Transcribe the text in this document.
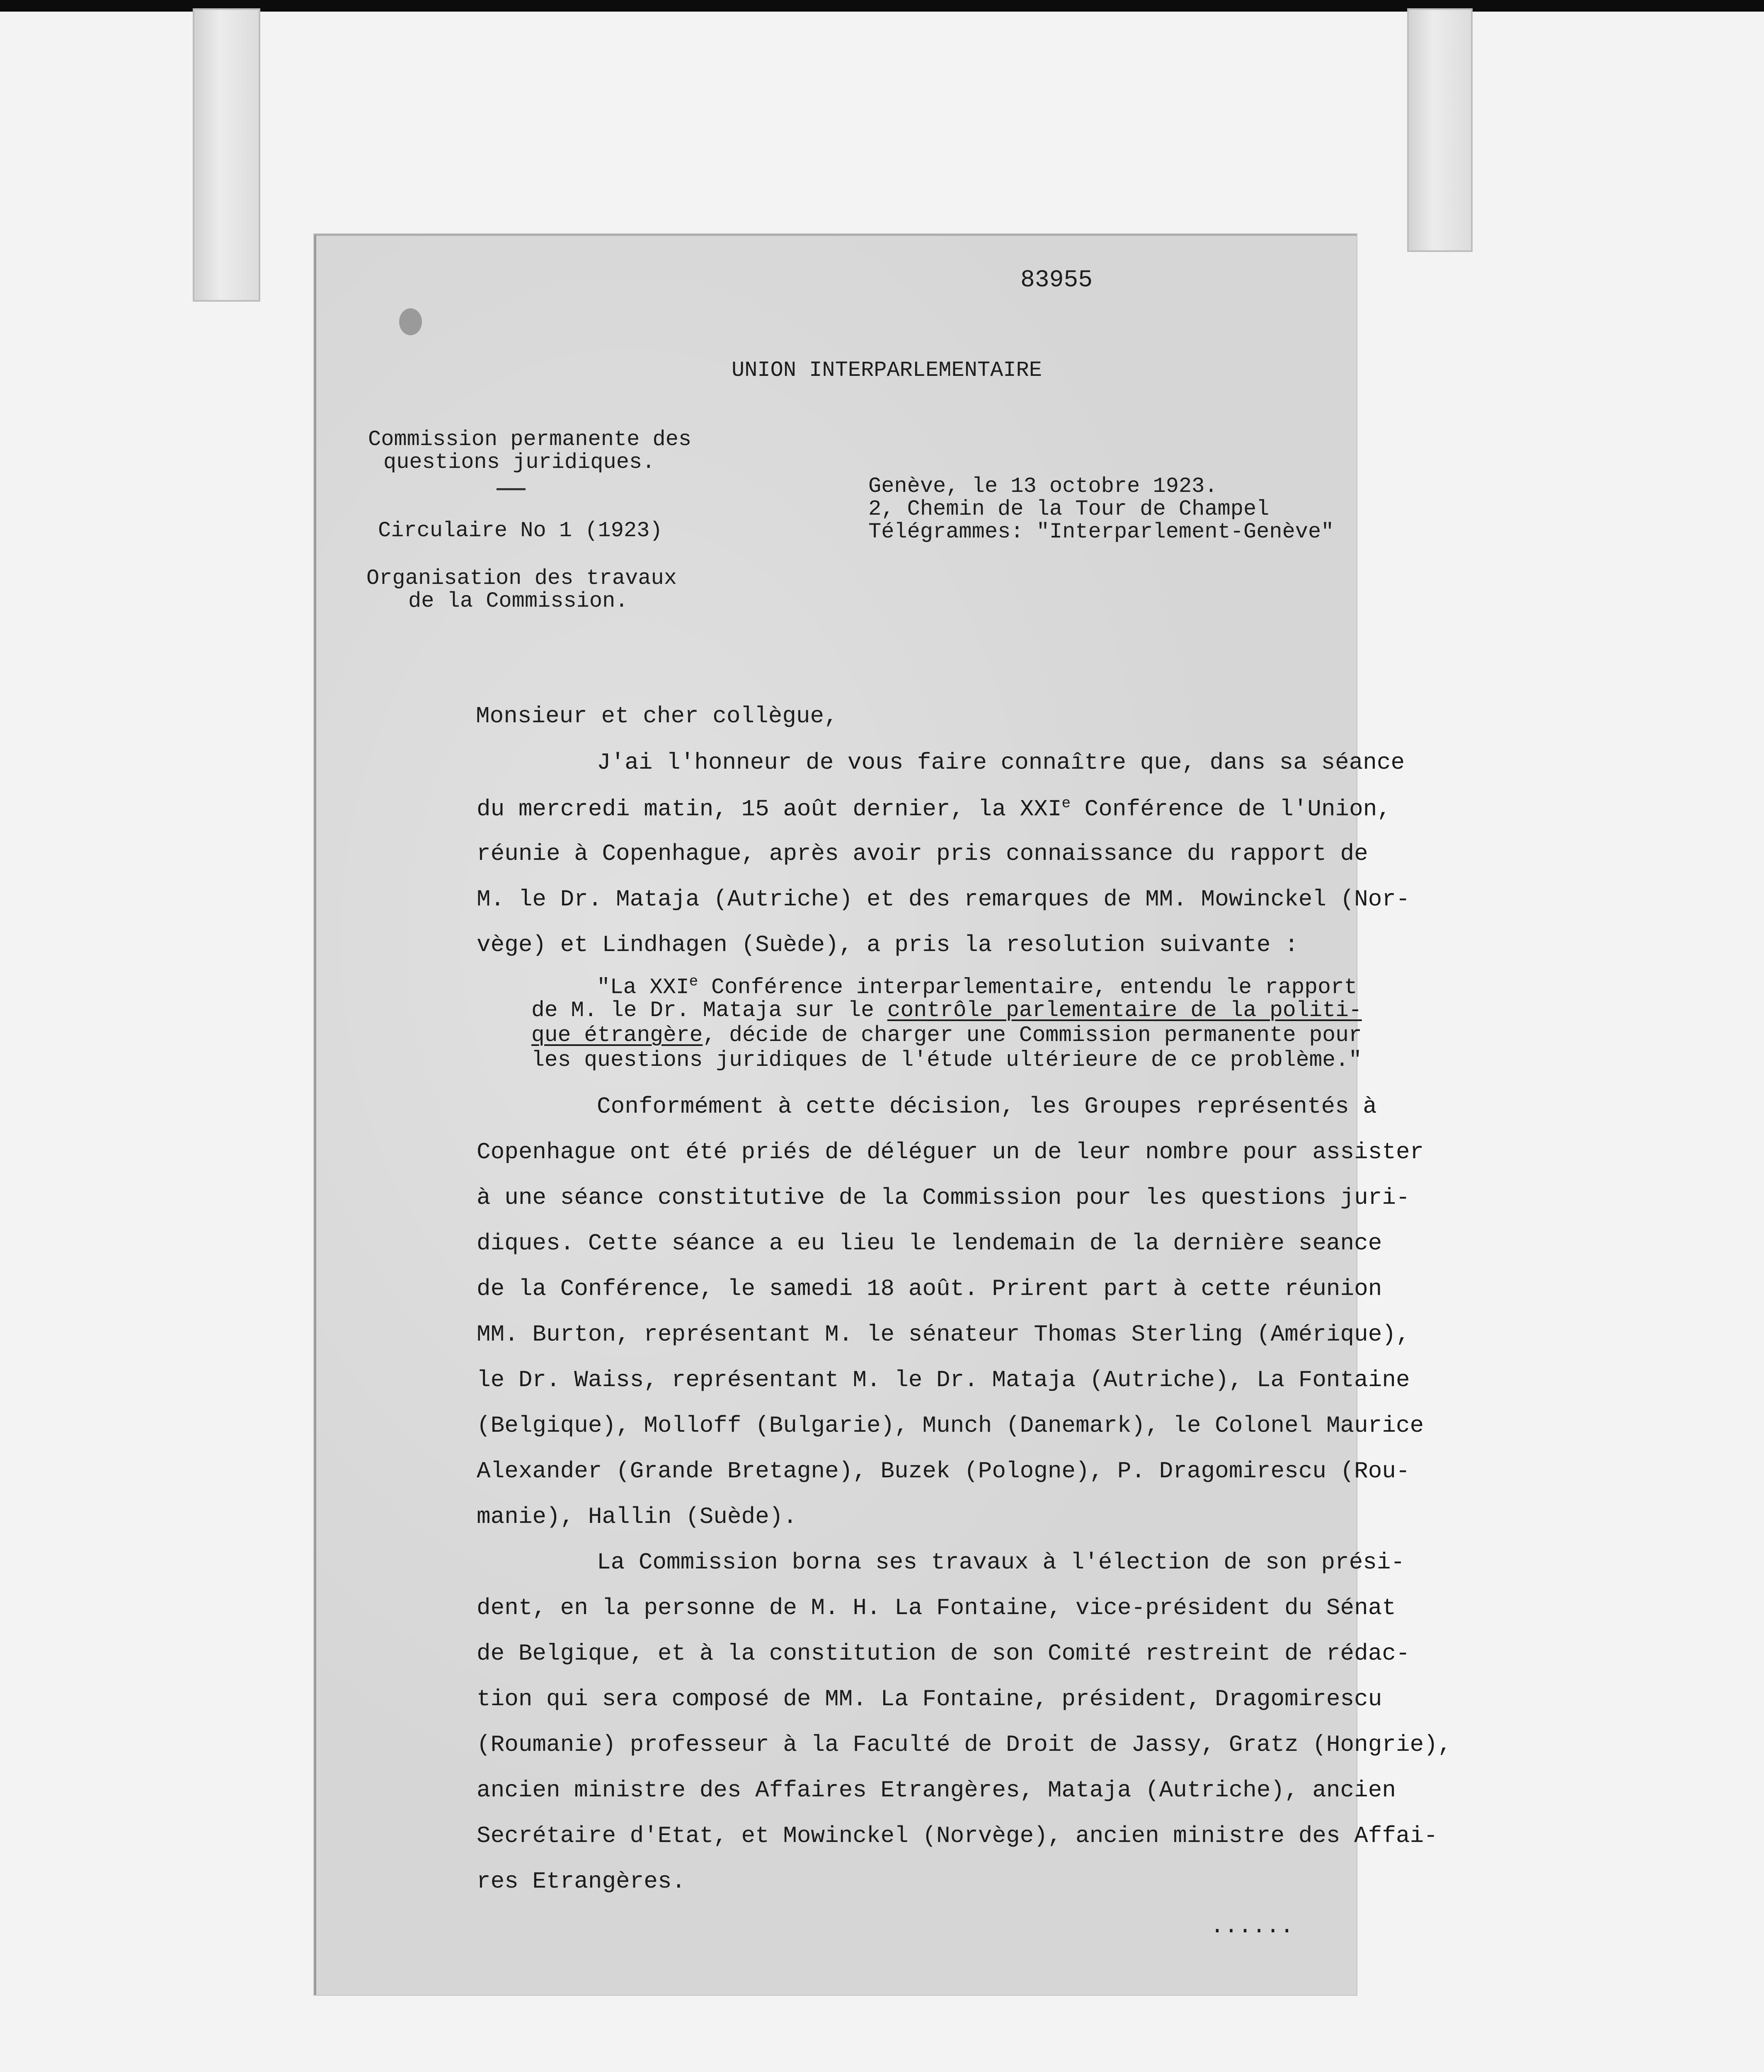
83955
UNION INTERPARLEMENTAIRE
Commission permanente des
questions juridiques.
Circulaire No 1 (1923)
Organisation des travaux
de la Commission.
Genève, le 13 octobre 1923.
2, Chemin de la Tour de Champel
Télégrammes: "Interparlement-Genève"
Monsieur et cher collègue,
J'ai l'honneur de vous faire connaître que, dans sa séance
du mercredi matin, 15 août dernier, la XXIe Conférence de l'Union,
réunie à Copenhague, après avoir pris connaissance du rapport de
M. le Dr. Mataja (Autriche) et des remarques de MM. Mowinckel (Nor-
vège) et Lindhagen (Suède), a pris la resolution suivante :
"La XXIe Conférence interparlementaire, entendu le rapport
de M. le Dr. Mataja sur le contrôle parlementaire de la politi-
que étrangère, décide de charger une Commission permanente pour
les questions juridiques de l'étude ultérieure de ce problème."
Conformément à cette décision, les Groupes représentés à
Copenhague ont été priés de déléguer un de leur nombre pour assister
à une séance constitutive de la Commission pour les questions juri-
diques. Cette séance a eu lieu le lendemain de la dernière seance
de la Conférence, le samedi 18 août. Prirent part à cette réunion
MM. Burton, représentant M. le sénateur Thomas Sterling (Amérique),
le Dr. Waiss, représentant M. le Dr. Mataja (Autriche), La Fontaine
(Belgique), Molloff (Bulgarie), Munch (Danemark), le Colonel Maurice
Alexander (Grande Bretagne), Buzek (Pologne), P. Dragomirescu (Rou-
manie), Hallin (Suède).
La Commission borna ses travaux à l'élection de son prési-
dent, en la personne de M. H. La Fontaine, vice-président du Sénat
de Belgique, et à la constitution de son Comité restreint de rédac-
tion qui sera composé de MM. La Fontaine, président, Dragomirescu
(Roumanie) professeur à la Faculté de Droit de Jassy, Gratz (Hongrie),
ancien ministre des Affaires Etrangères, Mataja (Autriche), ancien
Secrétaire d'Etat, et Mowinckel (Norvège), ancien ministre des Affai-
res Etrangères.
......
